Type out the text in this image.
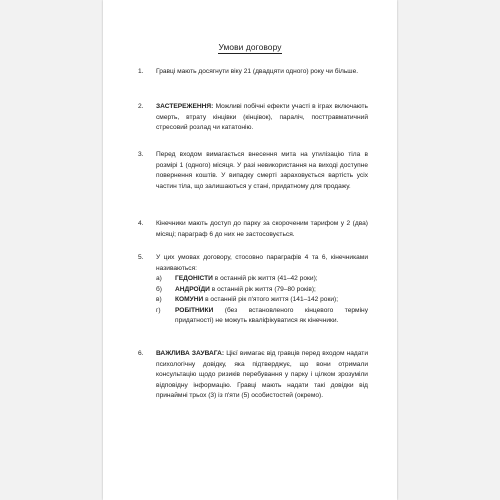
Умови договору
1. Гравці мають досягнути віку 21 (двадцяти одного) року чи більше.
2. ЗАСТЕРЕЖЕННЯ: Можливі побічні ефекти участі в іграх включають смерть, втрату кінцівки (кінцівок), параліч, посттравматичний стресовий розлад чи кататонію.
3. Перед входом вимагається внесення мита на утилізацію тіла в розмірі 1 (одного) місяця. У разі невикористання на виході доступне повернення коштів. У випадку смерті зараховується вартість усіх частин тіла, що залишаються у стані, придатному для продажу.
4. Кінечники мають доступ до парку за скороченим тарифом у 2 (два) місяці; параграф 6 до них не застосовується.
5. У цих умовах договору, стосовно параграфів 4 та 6, кінечниками називаються:
а) ГЕДОНІСТИ в останній рік життя (41–42 роки);
б) АНДРОЇДИ в останній рік життя (79–80 років);
в) КОМУНИ в останній рік п'ятого життя (141–142 роки);
г) РОБІТНИКИ (без встановленого кінцевого терміну придатності) не можуть кваліфікуватися як кінечники.
6. ВАЖЛИВА ЗАУВАГА: Цієї вимагає від гравців перед входом надати психологічну довідку, яка підтверджує, що вони отримали консультацію щодо ризиків перебування у парку і цілком зрозуміли відповідну інформацію. Гравці мають надати такі довідки від принаймні трьох (3) із п'яти (5) особистостей (окремо).
